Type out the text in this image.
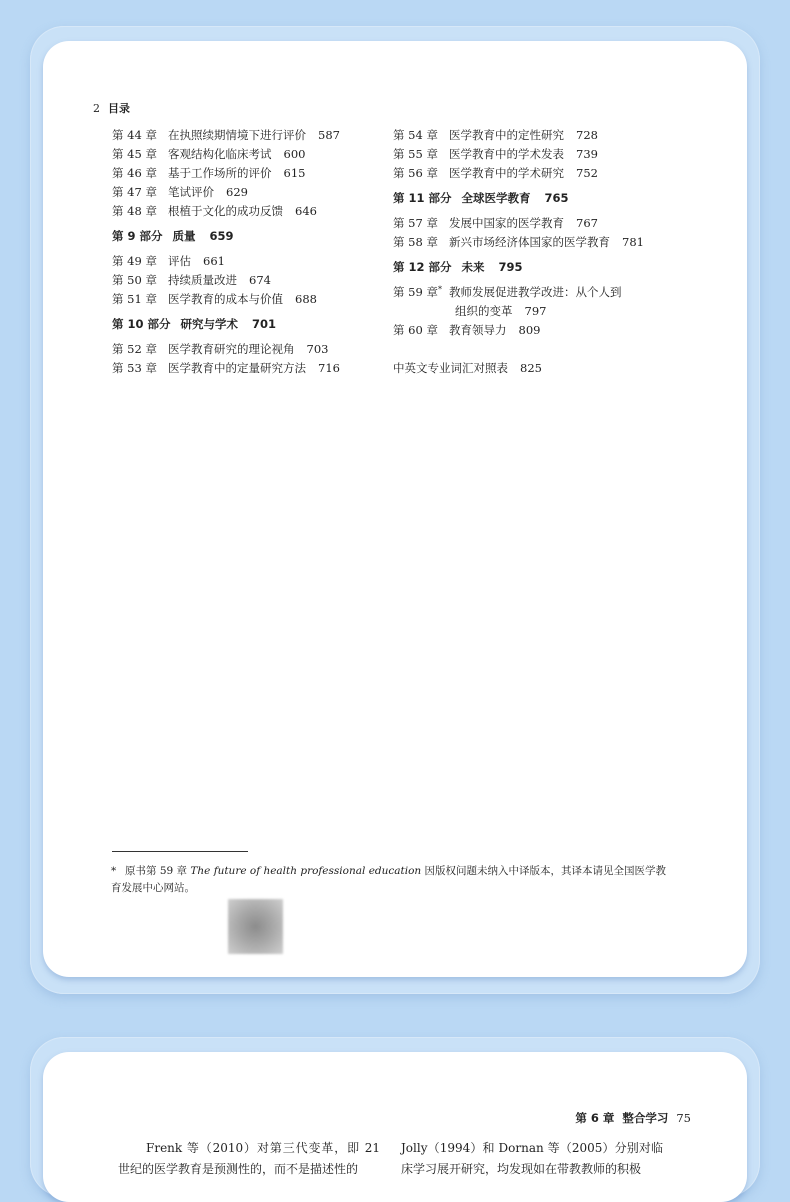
2 目录
第 44 章 在执照续期情境下进行评价 587
第 45 章 客观结构化临床考试 600
第 46 章 基于工作场所的评价 615
第 47 章 笔试评价 629
第 48 章 根植于文化的成功反馈 646
第 9 部分 质量 659
第 49 章 评估 661
第 50 章 持续质量改进 674
第 51 章 医学教育的成本与价值 688
第 10 部分 研究与学术 701
第 52 章 医学教育研究的理论视角 703
第 53 章 医学教育中的定量研究方法 716
第 54 章 医学教育中的定性研究 728
第 55 章 医学教育中的学术发表 739
第 56 章 医学教育中的学术研究 752
第 11 部分 全球医学教育 765
第 57 章 发展中国家的医学教育 767
第 58 章 新兴市场经济体国家的医学教育 781
第 12 部分 未来 795
第 59 章* 教师发展促进教学改进：从个人到
组织的变革 797
第 60 章 教育领导力 809
中英文专业词汇对照表 825
* 原书第 59 章 The future of health professional education 因版权问题未纳入中译版本，其译本请见全国医学教育发展中心网站。
第 6 章 整合学习 75
Frenk 等（2010）对第三代变革，即 21 世纪的医学教育是预测性的，而不是描述性的
Jolly（1994）和 Dornan 等（2005）分别对临床学习展开研究，均发现如在带教教师的积极
